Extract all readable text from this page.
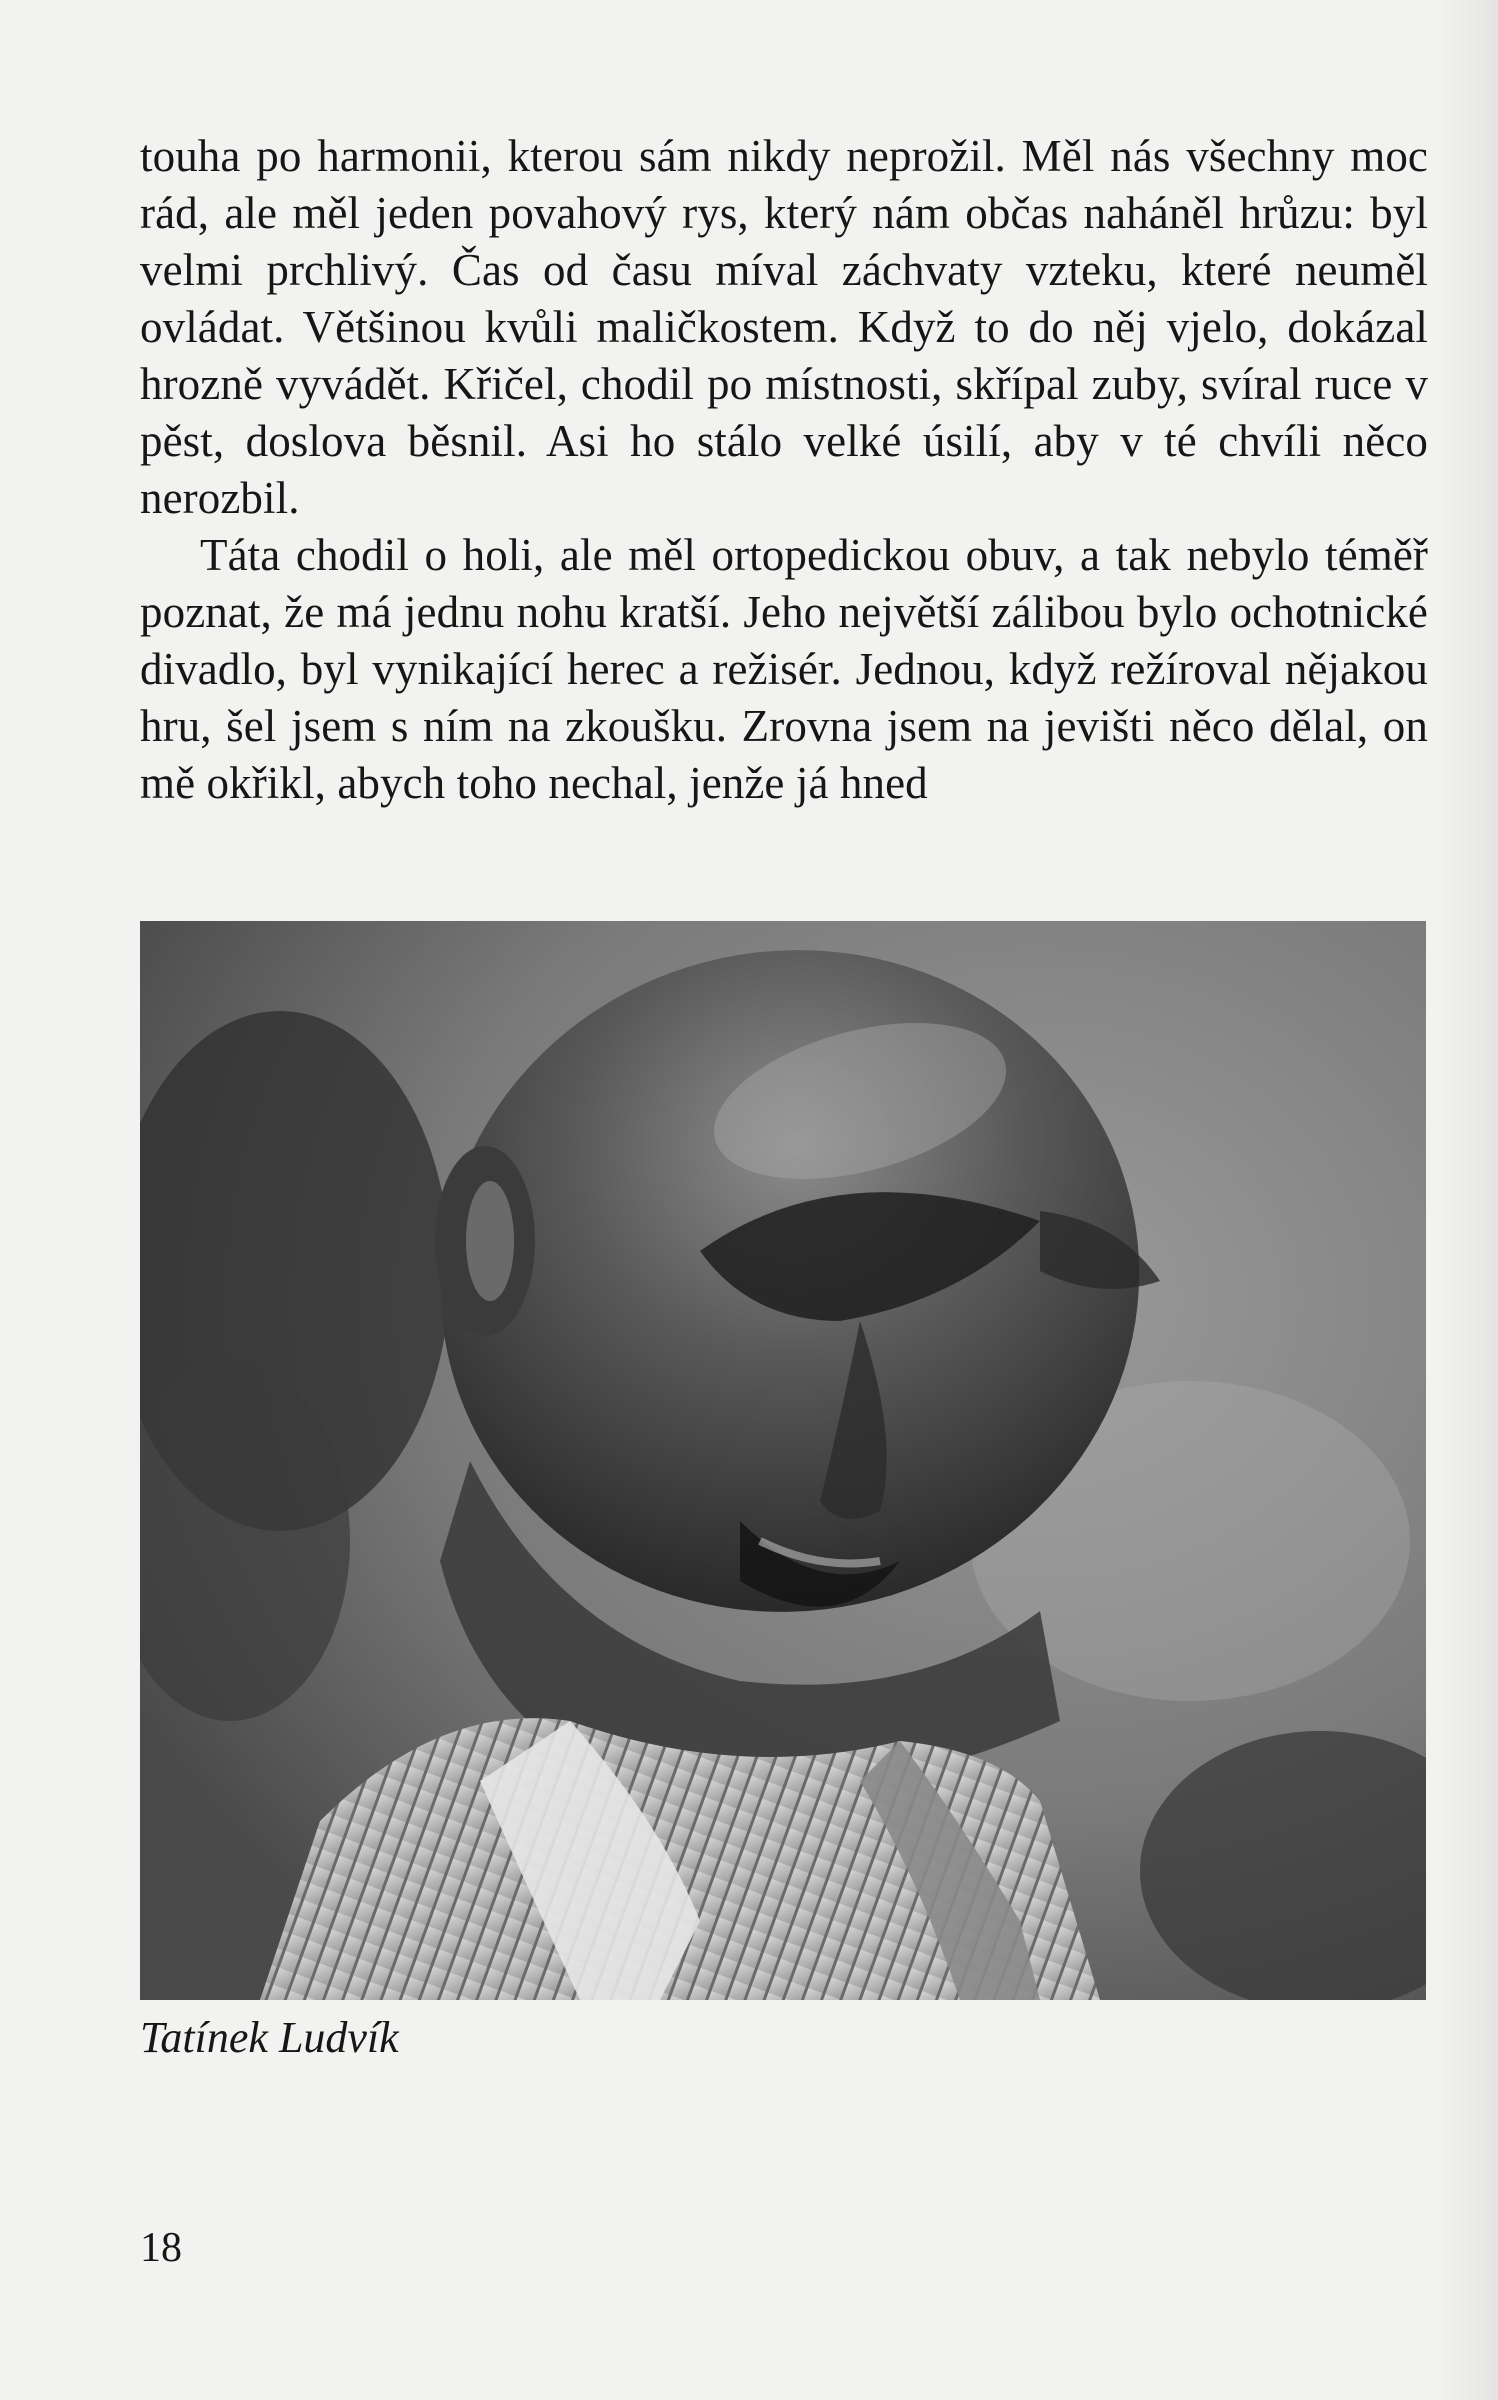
touha po harmonii, kterou sám nikdy neprožil. Měl nás všechny moc rád, ale měl jeden povahový rys, který nám občas naháněl hrůzu: byl velmi prchlivý. Čas od času míval záchvaty vzteku, které neuměl ovládat. Většinou kvůli maličkostem. Když to do něj vjelo, dokázal hrozně vyvádět. Křičel, chodil po místnosti, skřípal zuby, svíral ruce v pěst, doslova běsnil. Asi ho stálo velké úsilí, aby v té chvíli něco nerozbil.

Táta chodil o holi, ale měl ortopedickou obuv, a tak nebylo téměř poznat, že má jednu nohu kratší. Jeho největší zálibou bylo ochotnické divadlo, byl vynikající herec a režisér. Jednou, když režíroval nějakou hru, šel jsem s ním na zkoušku. Zrovna jsem na jevišti něco dělal, on mě okřikl, abych toho nechal, jenže já hned

Tatínek Ludvík
18
